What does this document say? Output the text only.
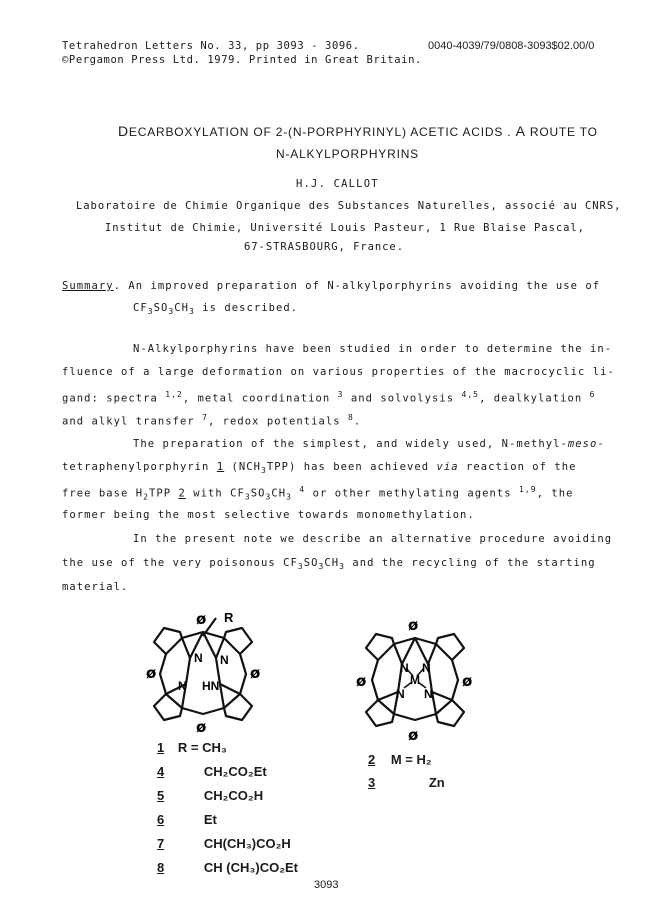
Tetrahedron Letters No. 33, pp 3093 - 3096.
©Pergamon Press Ltd. 1979. Printed in Great Britain.
0040-4039/79/0808-3093$02.00/0
DECARBOXYLATION OF 2-(N-PORPHYRINYL) ACETIC ACIDS . A ROUTE TO
N-ALKYLPORPHYRINS
H.J. CALLOT
Laboratoire de Chimie Organique des Substances Naturelles, associé au CNRS,
Institut de Chimie, Université Louis Pasteur, 1 Rue Blaise Pascal,
67-STRASBOURG, France.
Summary. An improved preparation of N-alkylporphyrins avoiding the use of
$CF_3SO_3CH_3$ is described.
N-Alkylporphyrins have been studied in order to determine the in-
fluence of a large deformation on various properties of the macrocyclic li-
gand: spectra $^{1,2}$, metal coordination $^3$ and solvolysis $^{4,5}$, dealkylation $^6$
and alkyl transfer $^7$, redox potentials $^8$.
The preparation of the simplest, and widely used, N-methyl-meso-
tetraphenylporphyrin 1 $(NCH_3TPP)$ has been achieved via reaction of the
free base $H_2TPP$ 2 with $CF_3SO_3CH_3$ $^4$ or other methylating agents $^{1,9}$, the
former being the most selective towards monomethylation.
In the present note we describe an alternative procedure avoiding
the use of the very poisonous $CF_3SO_3CH_3$ and the recycling of the starting
material.
R
N N
N HN
ø
ø	ø
ø
N N
M
N N
ø
ø	ø
ø
1 R = CH₃
4	CH₂CO₂Et
5	CH₂CO₂H
6	Et
7	CH(CH₃)CO₂H
8	CH (CH₃)CO₂Et
2 M = H₂
3	Zn
3093
